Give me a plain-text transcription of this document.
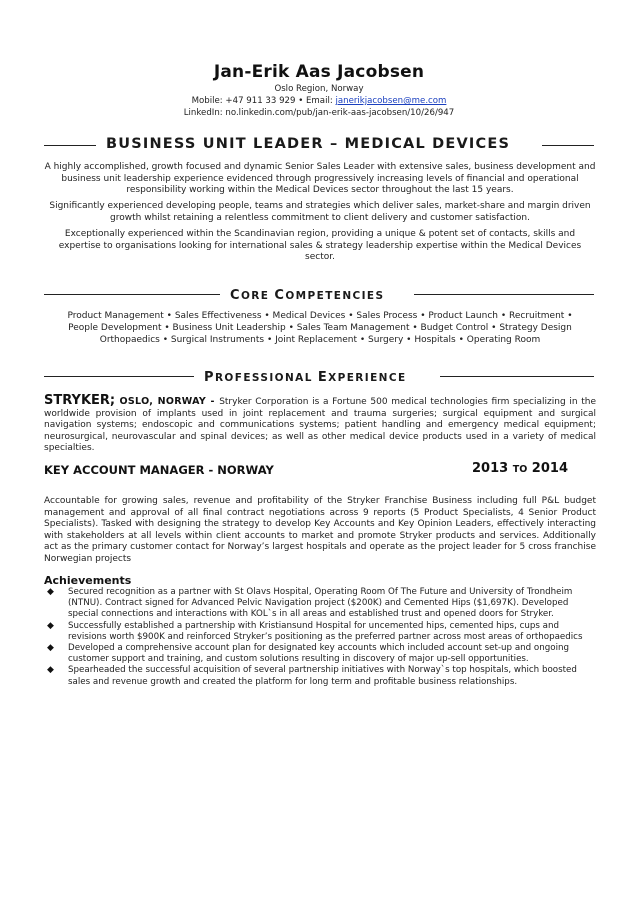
Jan-Erik Aas Jacobsen
Oslo Region, Norway
Mobile: +47 911 33 929 • Email: janerikjacobsen@me.com
LinkedIn: no.linkedin.com/pub/jan-erik-aas-jacobsen/10/26/947
BUSINESS UNIT LEADER – MEDICAL DEVICES
A highly accomplished, growth focused and dynamic Senior Sales Leader with extensive sales, business development and business unit leadership experience evidenced through progressively increasing levels of financial and operational responsibility working within the Medical Devices sector throughout the last 15 years.
Significantly experienced developing people, teams and strategies which deliver sales, market-share and margin driven growth whilst retaining a relentless commitment to client delivery and customer satisfaction.
Exceptionally experienced within the Scandinavian region, providing a unique & potent set of contacts, skills and expertise to organisations looking for international sales & strategy leadership expertise within the Medical Devices sector.
CORE COMPETENCIES
Product Management • Sales Effectiveness • Medical Devices • Sales Process • Product Launch • Recruitment •
People Development • Business Unit Leadership • Sales Team Management • Budget Control • Strategy Design
Orthopaedics • Surgical Instruments • Joint Replacement • Surgery • Hospitals • Operating Room
PROFESSIONAL EXPERIENCE
STRYKER; OSLO, NORWAY - Stryker Corporation is a Fortune 500 medical technologies firm specializing in the worldwide provision of implants used in joint replacement and trauma surgeries; surgical equipment and surgical navigation systems; endoscopic and communications systems; patient handling and emergency medical equipment; neurosurgical, neurovascular and spinal devices; as well as other medical device products used in a variety of medical specialties.
KEY ACCOUNT MANAGER - NORWAY	2013 TO 2014
Accountable for growing sales, revenue and profitability of the Stryker Franchise Business including full P&L budget management and approval of all final contract negotiations across 9 reports (5 Product Specialists, 4 Senior Product Specialists). Tasked with designing the strategy to develop Key Accounts and Key Opinion Leaders, effectively interacting with stakeholders at all levels within client accounts to market and promote Stryker products and services. Additionally act as the primary customer contact for Norway’s largest hospitals and operate as the project leader for 5 cross franchise Norwegian projects
Achievements
◆ Secured recognition as a partner with St Olavs Hospital, Operating Room Of The Future and University of Trondheim (NTNU). Contract signed for Advanced Pelvic Navigation project ($200K) and Cemented Hips ($1,697K). Developed special connections and interactions with KOL`s in all areas and established trust and opened doors for Stryker.
◆ Successfully established a partnership with Kristiansund Hospital for uncemented hips, cemented hips, cups and revisions worth $900K and reinforced Stryker’s positioning as the preferred partner across most areas of orthopaedics
◆ Developed a comprehensive account plan for designated key accounts which included account set-up and ongoing customer support and training, and custom solutions resulting in discovery of major up-sell opportunities.
◆ Spearheaded the successful acquisition of several partnership initiatives with Norway`s top hospitals, which boosted sales and revenue growth and created the platform for long term and profitable business relationships.
